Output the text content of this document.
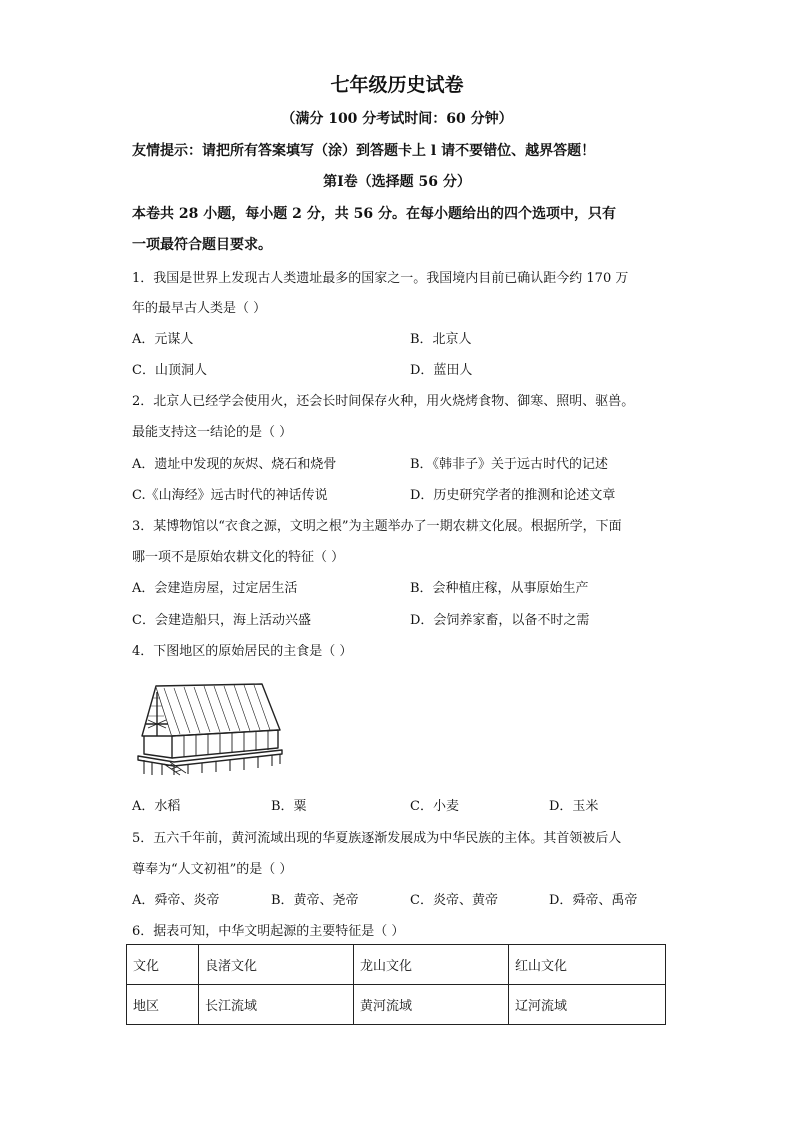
七年级历史试卷
（满分 100 分考试时间：60 分钟）
友情提示：请把所有答案填写（涂）到答题卡上 l 请不要错位、越界答题！
第Ⅰ卷（选择题 56 分）
本卷共 28 小题，每小题 2 分，共 56 分。在每小题给出的四个选项中，只有
一项最符合题目要求。
1．我国是世界上发现古人类遗址最多的国家之一。我国境内目前已确认距今约 170 万
年的最早古人类是（ ）
A．元谋人	B．北京人
C．山顶洞人	D．蓝田人
2．北京人已经学会使用火，还会长时间保存火种，用火烧烤食物、御寒、照明、驱兽。
最能支持这一结论的是（ ）
A．遗址中发现的灰烬、烧石和烧骨	B．《韩非子》关于远古时代的记述
C.《山海经》远古时代的神话传说	D．历史研究学者的推测和论述文章
3．某博物馆以“衣食之源，文明之根”为主题举办了一期农耕文化展。根据所学，下面
哪一项不是原始农耕文化的特征（ ）
A．会建造房屋，过定居生活	B．会种植庄稼，从事原始生产
C．会建造船只，海上活动兴盛	D．会饲养家畜，以备不时之需
4．下图地区的原始居民的主食是（ ）
A．水稻	B．粟	C．小麦	D．玉米
5．五六千年前，黄河流域出现的华夏族逐渐发展成为中华民族的主体。其首领被后人
尊奉为“人文初祖”的是（ ）
A．舜帝、炎帝	B．黄帝、尧帝	C．炎帝、黄帝	D．舜帝、禹帝
6．据表可知，中华文明起源的主要特征是（ ）
文化	良渚文化	龙山文化	红山文化
地区	长江流域	黄河流域	辽河流域
